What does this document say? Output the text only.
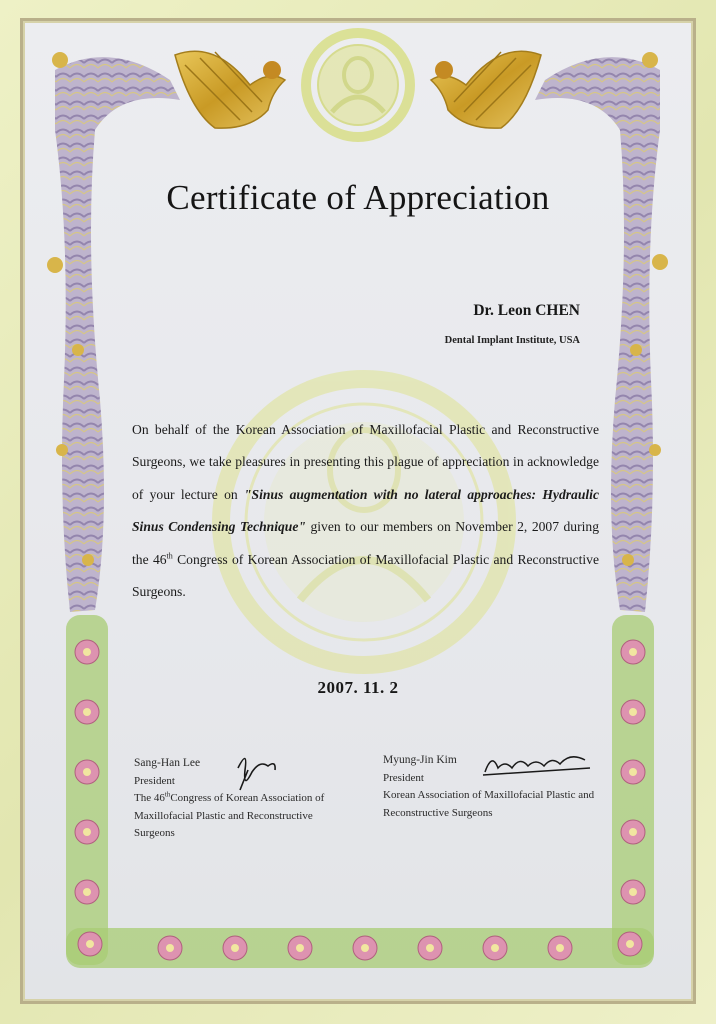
Certificate of Appreciation
Dr. Leon CHEN
Dental Implant Institute, USA
On behalf of the Korean Association of Maxillofacial Plastic and Reconstructive Surgeons, we take pleasures in presenting this plague of appreciation in acknowledge of your lecture on "Sinus augmentation with no lateral approaches: Hydraulic Sinus Condensing Technique" given to our members on November 2, 2007 during the 46th Congress of Korean Association of Maxillofacial Plastic and Reconstructive Surgeons.
2007. 11. 2
Sang-Han Lee
President
The 46thCongress of Korean Association of Maxillofacial Plastic and Reconstructive Surgeons
Myung-Jin Kim
President
Korean Association of Maxillofacial Plastic and Reconstructive Surgeons
